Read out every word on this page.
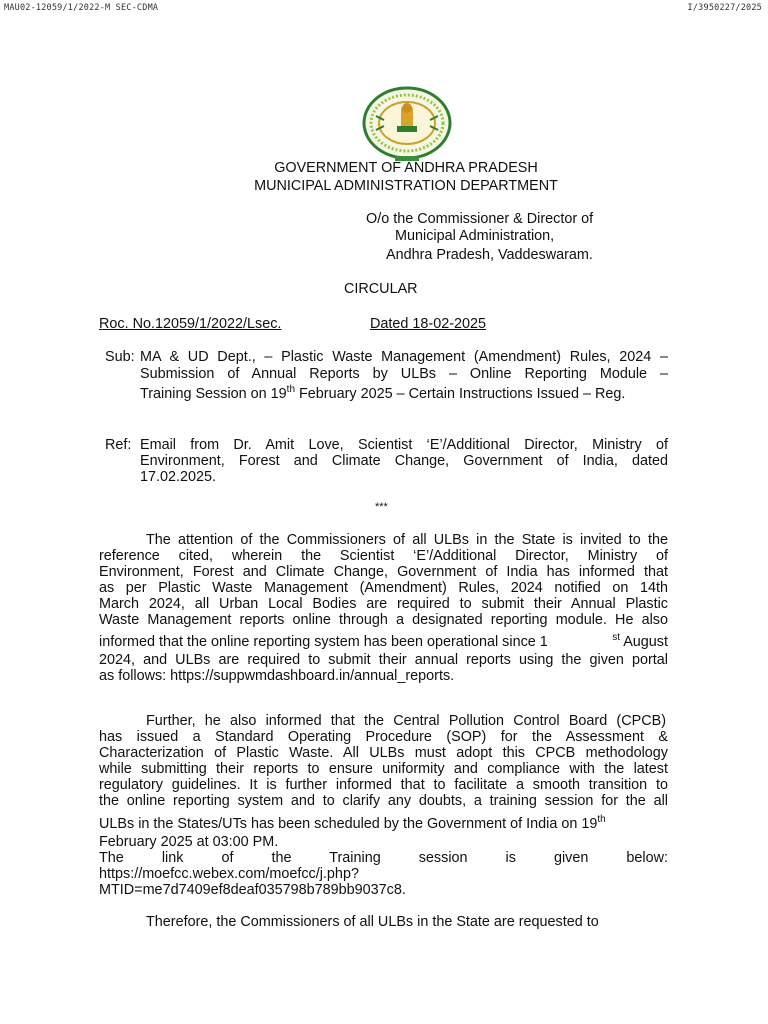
MAU02-12059/1/2022-M SEC-CDMA	I/3950227/2025
GOVERNMENT OF ANDHRA PRADESH
MUNICIPAL ADMINISTRATION DEPARTMENT
O/o the Commissioner & Director of
Municipal Administration,
Andhra Pradesh, Vaddeswaram.
CIRCULAR
Roc. No.12059/1/2022/Lsec.	Dated 18-02-2025
Sub: MA & UD Dept., – Plastic Waste Management (Amendment) Rules, 2024 –
Submission of Annual Reports by ULBs – Online Reporting Module –
Training Session on 19th February 2025 – Certain Instructions Issued – Reg.
Ref: Email from Dr. Amit Love, Scientist ‘E’/Additional Director, Ministry of
Environment, Forest and Climate Change, Government of India, dated
17.02.2025.
***
The attention of the Commissioners of all ULBs in the State is invited to the
reference cited, wherein the Scientist ‘E’/Additional Director, Ministry of
Environment, Forest and Climate Change, Government of India has informed that
as per Plastic Waste Management (Amendment) Rules, 2024 notified on 14th
March 2024, all Urban Local Bodies are required to submit their Annual Plastic
Waste Management reports online through a designated reporting module. He also
informed that the online reporting system has been operational since 1	$^{st}$ August
2024, and ULBs are required to submit their annual reports using the given portal
as follows: https://suppwmdashboard.in/annual_reports.
Further, he also informed that the Central Pollution Control Board (CPCB)
has issued a Standard Operating Procedure (SOP) for the Assessment &
Characterization of Plastic Waste. All ULBs must adopt this CPCB methodology
while submitting their reports to ensure uniformity and compliance with the latest
regulatory guidelines. It is further informed that to facilitate a smooth transition to
the online reporting system and to clarify any doubts, a training session for the all
ULBs in the States/UTs has been scheduled by the Government of India on 19th
February 2025 at 03:00 PM.
The link of the Training session is given below:
https://moefcc.webex.com/moefcc/j.php?
MTID=me7d7409ef8deaf035798b789bb9037c8.
Therefore, the Commissioners of all ULBs in the State are requested to
